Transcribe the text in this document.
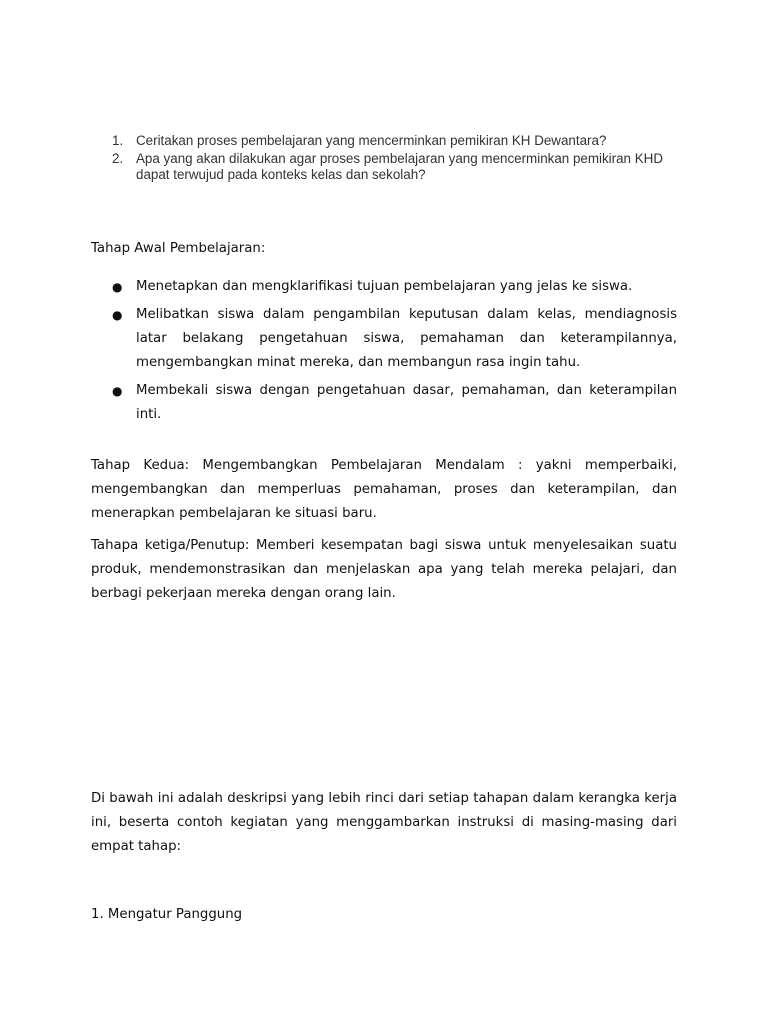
1. Ceritakan proses pembelajaran yang mencerminkan pemikiran KH Dewantara?
2. Apa yang akan dilakukan agar proses pembelajaran yang mencerminkan pemikiran KHD dapat terwujud pada konteks kelas dan sekolah?

Tahap Awal Pembelajaran:

●	Menetapkan dan mengklarifikasi tujuan pembelajaran yang jelas ke siswa.
●	Melibatkan siswa dalam pengambilan keputusan dalam kelas, mendiagnosis latar belakang pengetahuan siswa, pemahaman dan keterampilannya, mengembangkan minat mereka, dan membangun rasa ingin tahu.
●	Membekali siswa dengan pengetahuan dasar, pemahaman, dan keterampilan inti.

Tahap Kedua: Mengembangkan Pembelajaran Mendalam : yakni memperbaiki, mengembangkan dan memperluas pemahaman, proses dan keterampilan, dan menerapkan pembelajaran ke situasi baru.

Tahapa ketiga/Penutup: Memberi kesempatan bagi siswa untuk menyelesaikan suatu produk, mendemonstrasikan dan menjelaskan apa yang telah mereka pelajari, dan berbagi pekerjaan mereka dengan orang lain.

Di bawah ini adalah deskripsi yang lebih rinci dari setiap tahapan dalam kerangka kerja ini, beserta contoh kegiatan yang menggambarkan instruksi di masing-masing dari empat tahap:

1. Mengatur Panggung
